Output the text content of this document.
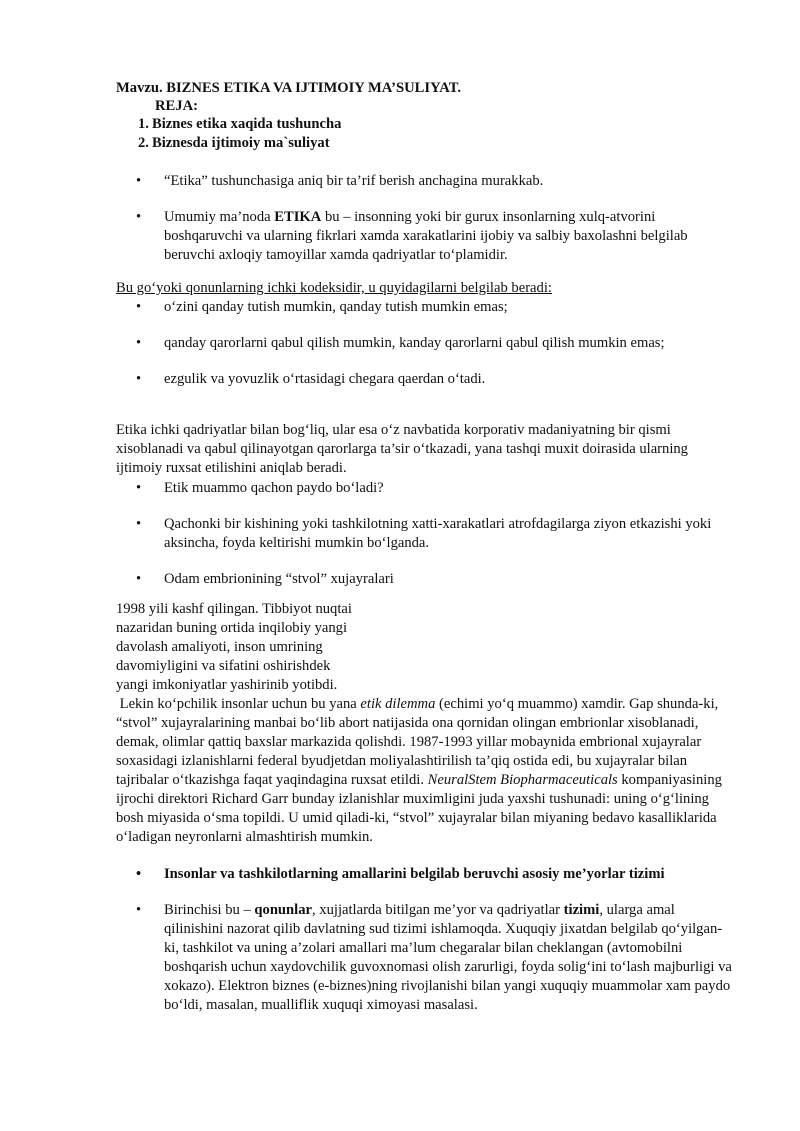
Mavzu. BIZNES ETIKA VA IJTIMOIY MA’SULIYAT.

REJA:

1. Biznes etika xaqida tushuncha
2. Biznesda ijtimoiy ma`suliyat
• “Etika” tushunchasiga aniq bir ta’rif berish anchagina murakkab.
• Umumiy ma’noda ETIKA bu – insonning yoki bir gurux insonlarning xulq-atvorini boshqaruvchi va ularning fikrlari xamda xarakatlarini ijobiy va salbiy baxolashni belgilab beruvchi axloqiy tamoyillar xamda qadriyatlar to‘plamidir.

Bu go‘yoki qonunlarning ichki kodeksidir, u quyidagilarni belgilab beradi:

• o‘zini qanday tutish mumkin, qanday tutish mumkin emas;
• qanday qarorlarni qabul qilish mumkin, kanday qarorlarni qabul qilish mumkin emas;
• ezgulik va yovuzlik o‘rtasidagi chegara qaerdan o‘tadi.

Etika ichki qadriyatlar bilan bog‘liq, ular esa o‘z navbatida korporativ madaniyatning bir qismi xisoblanadi va qabul qilinayotgan qarorlarga ta’sir o‘tkazadi, yana tashqi muxit doirasida ularning ijtimoiy ruxsat etilishini aniqlab beradi.

• Etik muammo qachon paydo bo‘ladi?
• Qachonki bir kishining yoki tashkilotning xatti-xarakatlari atrofdagilarga ziyon etkazishi yoki aksincha, foyda keltirishi mumkin bo‘lganda.
• Odam embrionining “stvol” xujayralari
1998 yili kashf qilingan. Tibbiyot nuqtai
nazaridan buning ortida inqilobiy yangi
davolash amaliyoti, inson umrining
davomiyligini va sifatini oshirishdek
yangi imkoniyatlar yashirinib yotibdi.

Lekin ko‘pchilik insonlar uchun bu yana etik dilemma (echimi yo‘q muammo) xamdir. Gap shunda-ki, “stvol” xujayralarining manbai bo‘lib abort natijasida ona qornidan olingan embrionlar xisoblanadi, demak, olimlar qattiq baxslar markazida qolishdi. 1987-1993 yillar mobaynida embrional xujayralar soxasidagi izlanishlarni federal byudjetdan moliyalashtirilish ta’qiq ostida edi, bu xujayralar bilan tajribalar o‘tkazishga faqat yaqindagina ruxsat etildi. NeuralStem Biopharmaceuticals kompaniyasining ijrochi direktori Richard Garr bunday izlanishlar muximligini juda yaxshi tushunadi: uning o‘g‘lining bosh miyasida o‘sma topildi. U umid qiladi-ki, “stvol” xujayralar bilan miyaning bedavo kasalliklarida o‘ladigan neyronlarni almashtirish mumkin.

• Insonlar va tashkilotlarning amallarini belgilab beruvchi asosiy me’yorlar tizimi
• Birinchisi bu – qonunlar, xujjatlarda bitilgan me’yor va qadriyatlar tizimi, ularga amal qilinishini nazorat qilib davlatning sud tizimi ishlamoqda. Xuquqiy jixatdan belgilab qo‘yilgan-ki, tashkilot va uning a’zolari amallari ma’lum chegaralar bilan cheklangan (avtomobilni boshqarish uchun xaydovchilik guvoxnomasi olish zarurligi, foyda solig‘ini to‘lash majburligi va xokazo). Elektron biznes (e-biznes)ning rivojlanishi bilan yangi xuquqiy muammolar xam paydo bo‘ldi, masalan, mualliflik xuquqi ximoyasi masalasi.
